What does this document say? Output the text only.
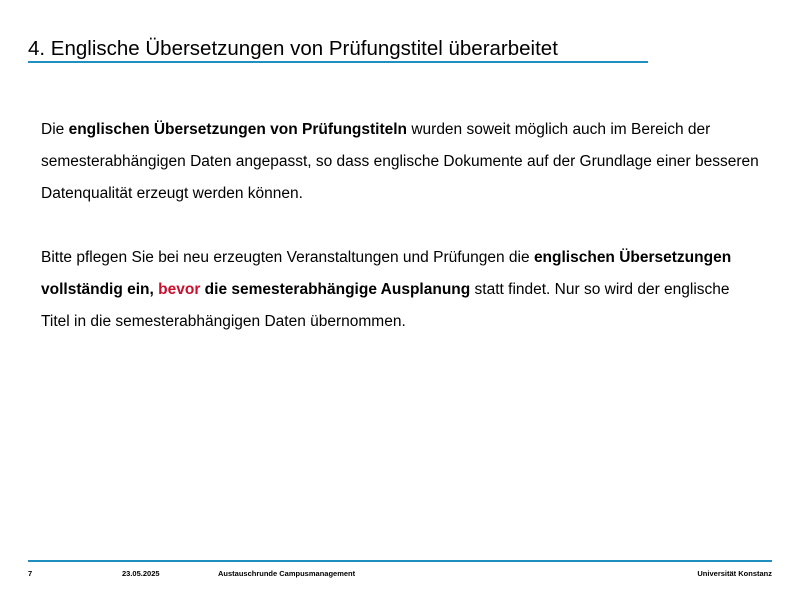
4. Englische Übersetzungen von Prüfungstitel überarbeitet

Die englischen Übersetzungen von Prüfungstiteln wurden soweit möglich auch im Bereich der semesterabhängigen Daten angepasst, so dass englische Dokumente auf der Grundlage einer besseren Datenqualität erzeugt werden können.

Bitte pflegen Sie bei neu erzeugten Veranstaltungen und Prüfungen die englischen Übersetzungen vollständig ein, bevor die semesterabhängige Ausplanung statt findet. Nur so wird der englische Titel in die semesterabhängigen Daten übernommen.

7	23.05.2025	Austauschrunde Campusmanagement	Universität Konstanz
